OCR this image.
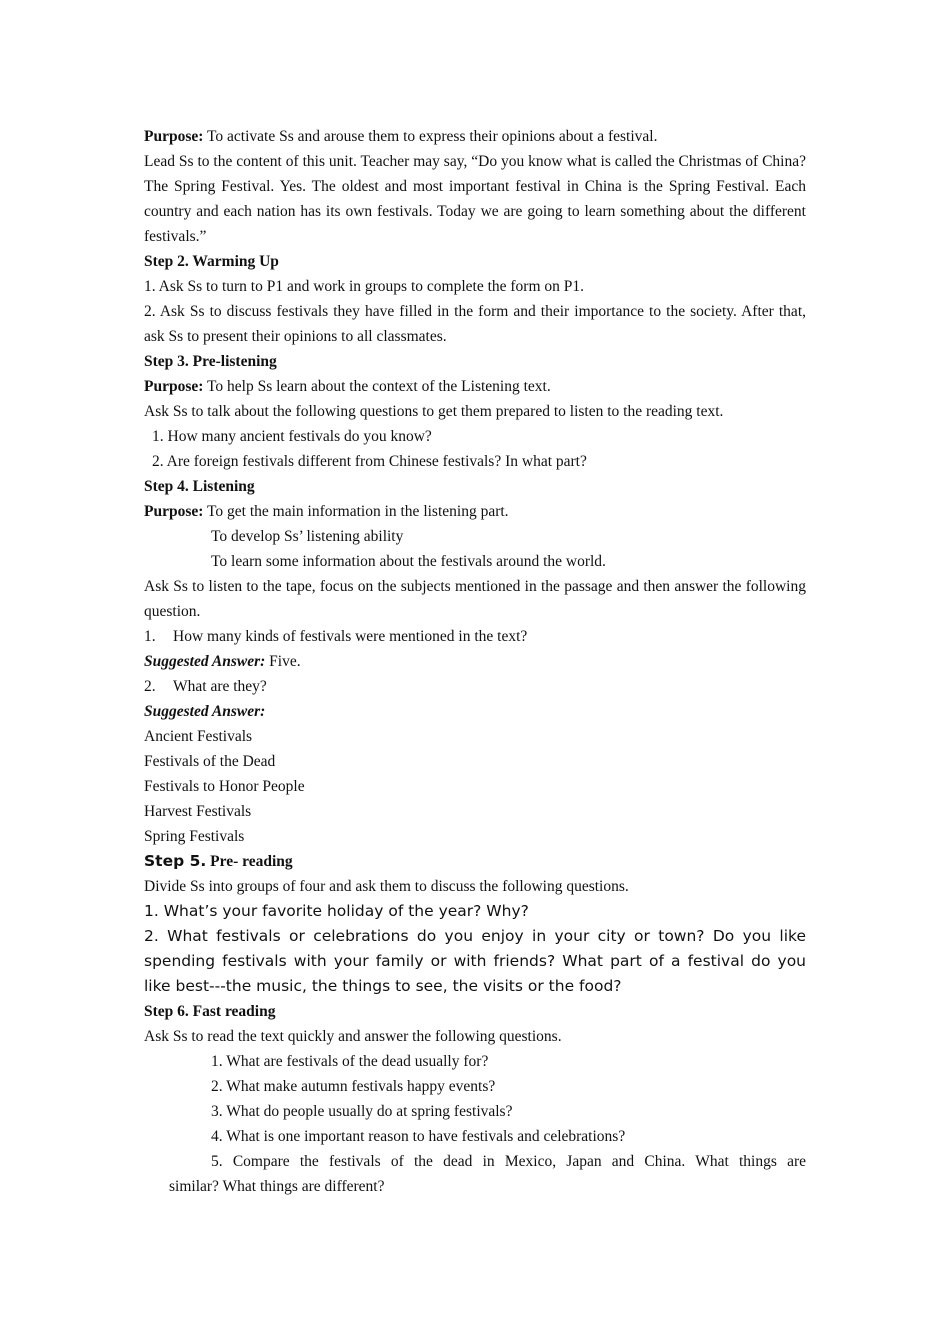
Purpose: To activate Ss and arouse them to express their opinions about a festival.
Lead Ss to the content of this unit. Teacher may say, “Do you know what is called the Christmas of China? The Spring Festival. Yes. The oldest and most important festival in China is the Spring Festival. Each country and each nation has its own festivals. Today we are going to learn something about the different festivals.”
Step 2. Warming Up
1. Ask Ss to turn to P1 and work in groups to complete the form on P1.
2. Ask Ss to discuss festivals they have filled in the form and their importance to the society. After that, ask Ss to present their opinions to all classmates.
Step 3. Pre-listening
Purpose: To help Ss learn about the context of the Listening text.
Ask Ss to talk about the following questions to get them prepared to listen to the reading text.
1. How many ancient festivals do you know?
2. Are foreign festivals different from Chinese festivals? In what part?
Step 4. Listening
Purpose: To get the main information in the listening part.
To develop Ss’ listening ability
To learn some information about the festivals around the world.
Ask Ss to listen to the tape, focus on the subjects mentioned in the passage and then answer the following question.
1. How many kinds of festivals were mentioned in the text?
Suggested Answer: Five.
2. What are they?
Suggested Answer:
Ancient Festivals
Festivals of the Dead
Festivals to Honor People
Harvest Festivals
Spring Festivals
Step 5. Pre- reading
Divide Ss into groups of four and ask them to discuss the following questions.
1. What’s your favorite holiday of the year? Why?
2. What festivals or celebrations do you enjoy in your city or town? Do you like spending festivals with your family or with friends? What part of a festival do you like best---the music, the things to see, the visits or the food?
Step 6. Fast reading
Ask Ss to read the text quickly and answer the following questions.
1. What are festivals of the dead usually for?
2. What make autumn festivals happy events?
3. What do people usually do at spring festivals?
4. What is one important reason to have festivals and celebrations?
5. Compare the festivals of the dead in Mexico, Japan and China. What things are
similar? What things are different?
